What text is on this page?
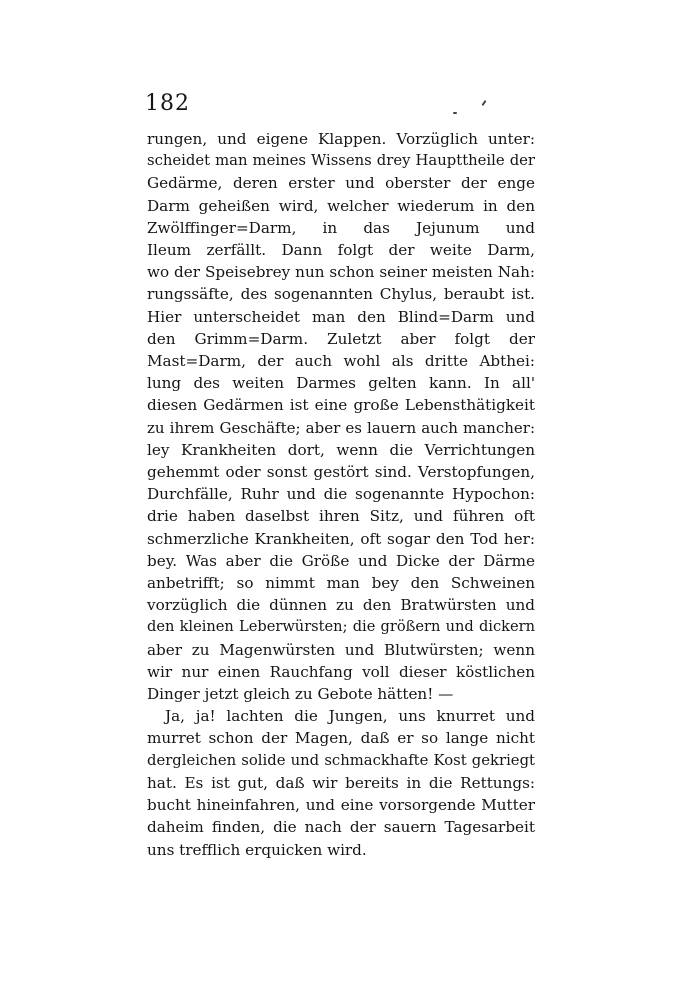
182
rungen, und eigene Klappen. Vorzüglich unter:
scheidet man meines Wissens drey Haupttheile der
Gedärme, deren erster und oberster der enge
Darm geheißen wird, welcher wiederum in den
Zwölffinger=Darm, in das Jejunum und
Ileum zerfällt. Dann folgt der weite Darm,
wo der Speisebrey nun schon seiner meisten Nah:
rungssäfte, des sogenannten Chylus, beraubt ist.
Hier unterscheidet man den Blind=Darm und
den Grimm=Darm. Zuletzt aber folgt der
Mast=Darm, der auch wohl als dritte Abthei:
lung des weiten Darmes gelten kann. In all'
diesen Gedärmen ist eine große Lebensthätigkeit
zu ihrem Geschäfte; aber es lauern auch mancher:
ley Krankheiten dort, wenn die Verrichtungen
gehemmt oder sonst gestört sind. Verstopfungen,
Durchfälle, Ruhr und die sogenannte Hypochon:
drie haben daselbst ihren Sitz, und führen oft
schmerzliche Krankheiten, oft sogar den Tod her:
bey. Was aber die Größe und Dicke der Därme
anbetrifft; so nimmt man bey den Schweinen
vorzüglich die dünnen zu den Bratwürsten und
den kleinen Leberwürsten; die größern und dickern
aber zu Magenwürsten und Blutwürsten; wenn
wir nur einen Rauchfang voll dieser köstlichen
Dinger jetzt gleich zu Gebote hätten! —
Ja, ja! lachten die Jungen, uns knurret und
murret schon der Magen, daß er so lange nicht
dergleichen solide und schmackhafte Kost gekriegt
hat. Es ist gut, daß wir bereits in die Rettungs:
bucht hineinfahren, und eine vorsorgende Mutter
daheim finden, die nach der sauern Tagesarbeit
uns trefflich erquicken wird.
